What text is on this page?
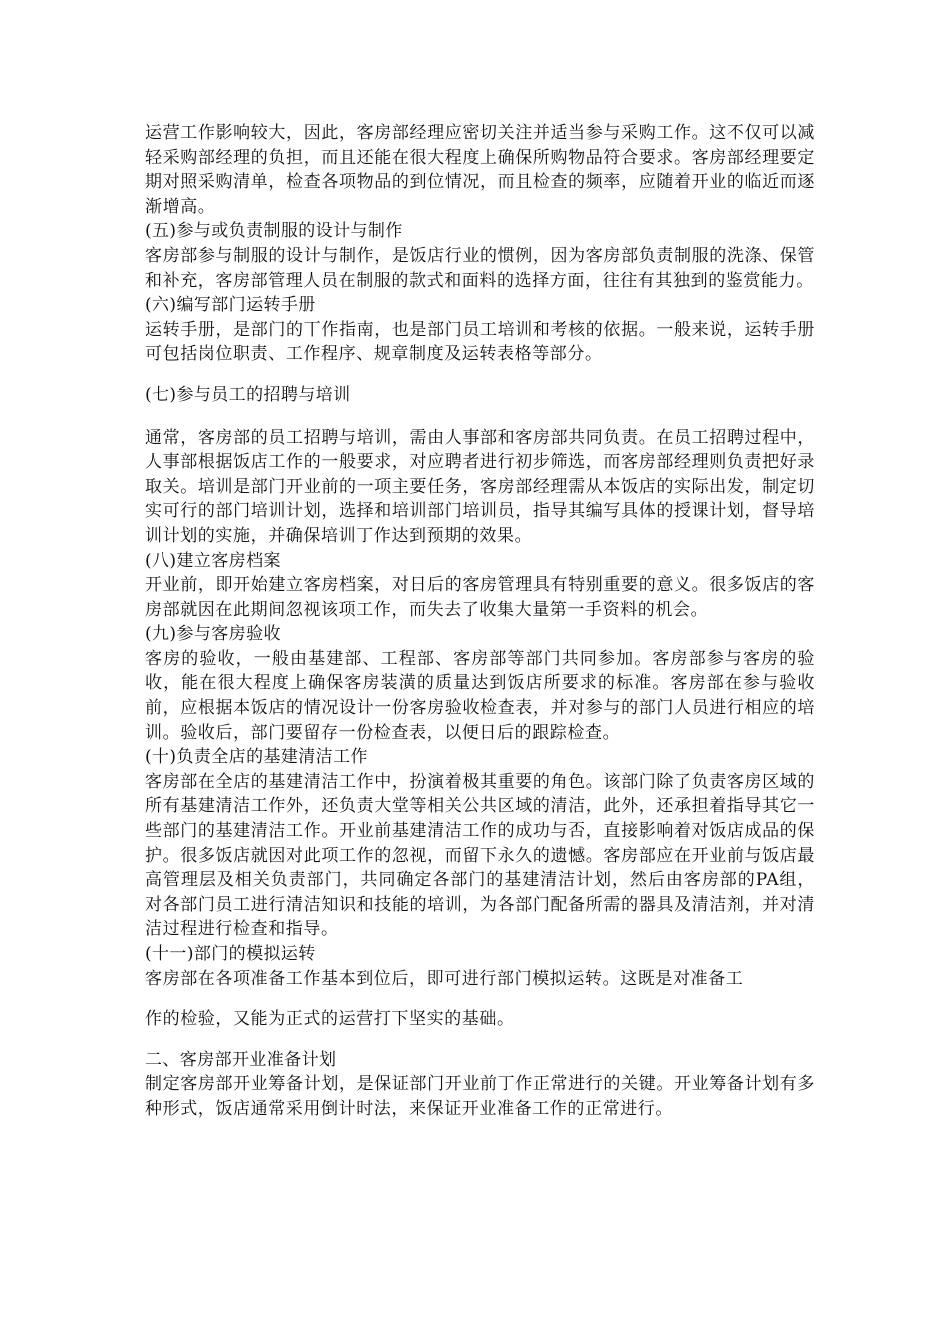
运营工作影响较大，因此，客房部经理应密切关注并适当参与采购工作。这不仅可以减轻采购部经理的负担，而且还能在很大程度上确保所购物品符合要求。客房部经理要定期对照采购清单，检查各项物品的到位情况，而且检查的频率，应随着开业的临近而逐渐增高。

(五)参与或负责制服的设计与制作

客房部参与制服的设计与制作，是饭店行业的惯例，因为客房部负责制服的洗涤、保管和补充，客房部管理人员在制服的款式和面料的选择方面，往往有其独到的鉴赏能力。

(六)编写部门运转手册

运转手册，是部门的丅作指南，也是部门员工培训和考核的依据。一般来说，运转手册可包括岗位职责、工作程序、规章制度及运转表格等部分。

(七)参与员工的招聘与培训

通常，客房部的员工招聘与培训，需由人事部和客房部共同负责。在员工招聘过程中，人事部根据饭店工作的一般要求，对应聘者进行初步筛选，而客房部经理则负责把好录取关。培训是部门开业前的一项主要任务，客房部经理需从本饭店的实际出发，制定切实可行的部门培训计划，选择和培训部门培训员，指导其编写具体的授课计划，督导培训计划的实施，并确保培训丁作达到预期的效果。

(八)建立客房档案

开业前，即开始建立客房档案，对日后的客房管理具有特别重要的意义。很多饭店的客房部就因在此期间忽视该项工作，而失去了收集大量第一手资料的机会。

(九)参与客房验收

客房的验收，一般由基建部、工程部、客房部等部门共同参加。客房部参与客房的验收，能在很大程度上确保客房装潢的质量达到饭店所要求的标准。客房部在参与验收前，应根据本饭店的情况设计一份客房验收检查表，并对参与的部门人员进行相应的培训。验收后，部门要留存一份检查表，以便日后的跟踪检查。

(十)负责全店的基建清洁工作

客房部在全店的基建清洁工作中，扮演着极其重要的角色。该部门除了负责客房区域的所有基建清洁工作外，还负责大堂等相关公共区域的清洁，此外，还承担着指导其它一些部门的基建清洁工作。开业前基建清洁工作的成功与否，直接影响着对饭店成品的保护。很多饭店就因对此项工作的忽视，而留下永久的遗憾。客房部应在开业前与饭店最高管理层及相关负责部门，共同确定各部门的基建清洁计划，然后由客房部的PA组，对各部门员工进行清洁知识和技能的培训，为各部门配备所需的器具及清洁剂，并对清洁过程进行检查和指导。

(十一)部门的模拟运转

客房部在各项准备工作基本到位后，即可进行部门模拟运转。这既是对准备工

作的检验，又能为正式的运营打下坚实的基础。

二、客房部开业准备计划

制定客房部开业筹备计划，是保证部门开业前丁作正常进行的关键。开业筹备计划有多种形式，饭店通常采用倒计时法，来保证开业准备工作的正常进行。
